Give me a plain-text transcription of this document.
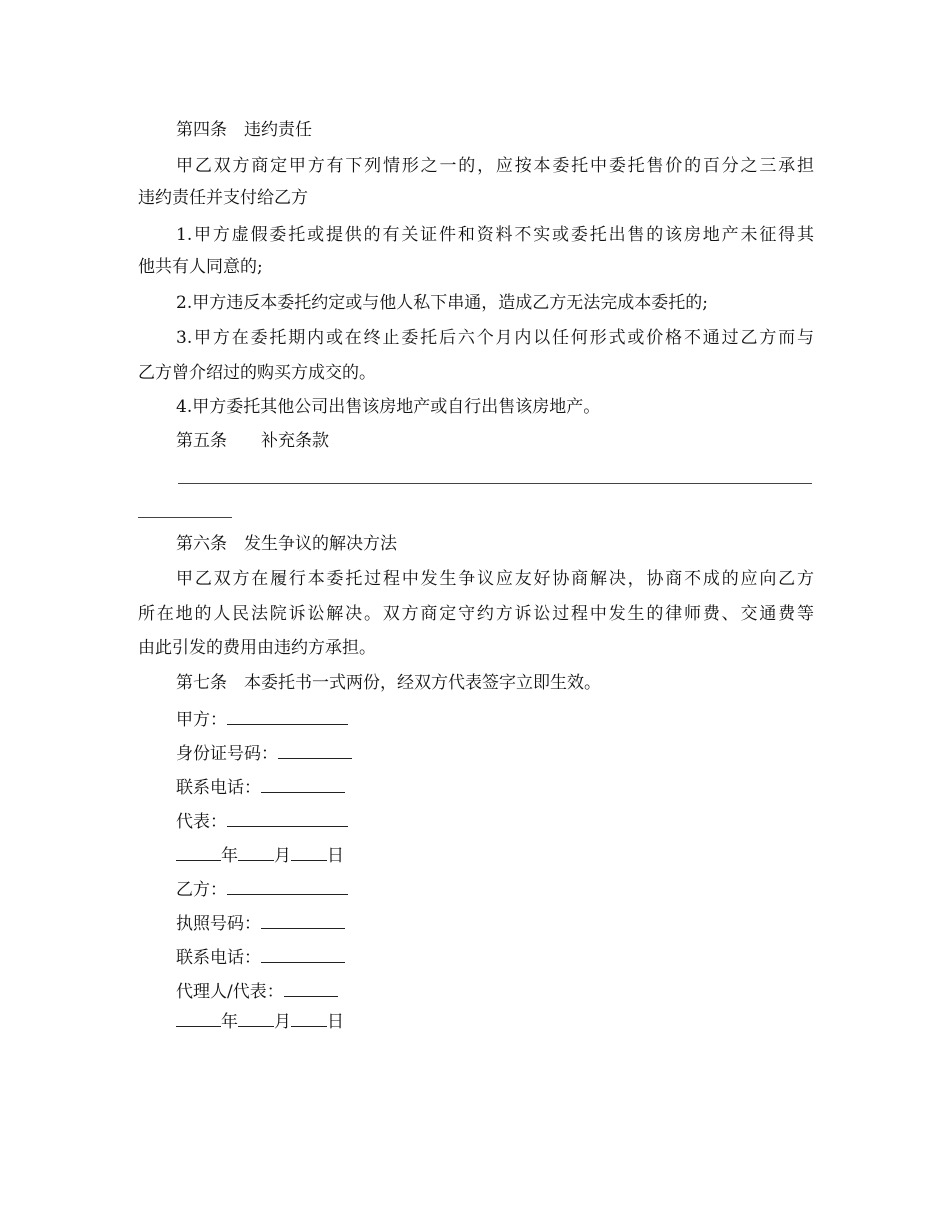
第四条　违约责任
甲乙双方商定甲方有下列情形之一的，应按本委托中委托售价的百分之三承担
违约责任并支付给乙方
1.甲方虚假委托或提供的有关证件和资料不实或委托出售的该房地产未征得其
他共有人同意的;
2.甲方违反本委托约定或与他人私下串通，造成乙方无法完成本委托的;
3.甲方在委托期内或在终止委托后六个月内以任何形式或价格不通过乙方而与
乙方曾介绍过的购买方成交的。
4.甲方委托其他公司出售该房地产或自行出售该房地产。
第五条　　补充条款
第六条　发生争议的解决方法
甲乙双方在履行本委托过程中发生争议应友好协商解决，协商不成的应向乙方
所在地的人民法院诉讼解决。双方商定守约方诉讼过程中发生的律师费、交通费等
由此引发的费用由违约方承担。
第七条　本委托书一式两份，经双方代表签字立即生效。
甲方：
身份证号码：
联系电话：
代表：
年 月 日
乙方：
执照号码：
联系电话：
代理人/代表：
年 月 日
